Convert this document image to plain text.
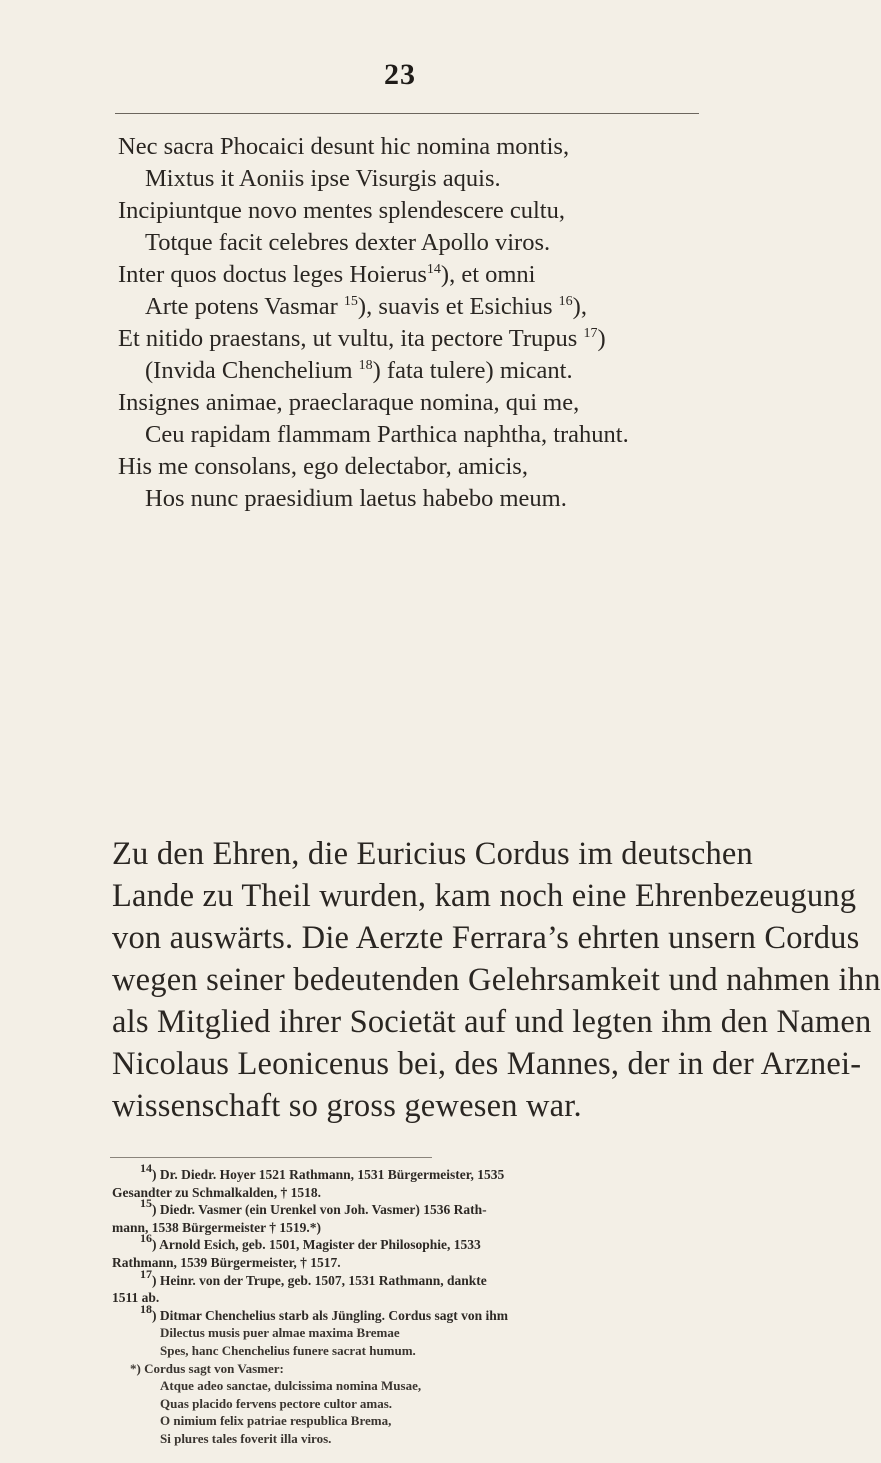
23
Nec sacra Phocaici desunt hic nomina montis,
Mixtus it Aoniis ipse Visurgis aquis.
Incipiuntque novo mentes splendescere cultu,
Totque facit celebres dexter Apollo viros.
Inter quos doctus leges Hoierus$^{14}$), et omni
Arte potens Vasmar $^{15}$), suavis et Esichius $^{16}$),
Et nitido praestans, ut vultu, ita pectore Trupus $^{17}$)
(Invida Chenchelium $^{18}$) fata tulere) micant.
Insignes animae, praeclaraque nomina, qui me,
Ceu rapidam flammam Parthica naphtha, trahunt.
His me consolans, ego delectabor, amicis,
Hos nunc praesidium laetus habebo meum.
Zu den Ehren, die Euricius Cordus im deutschen
Lande zu Theil wurden, kam noch eine Ehrenbezeugung
von auswärts. Die Aerzte Ferrara’s ehrten unsern Cordus
wegen seiner bedeutenden Gelehrsamkeit und nahmen ihn
als Mitglied ihrer Societät auf und legten ihm den Namen
Nicolaus Leonicenus bei, des Mannes, der in der Arznei-
wissenschaft so gross gewesen war.
$^{14}$) Dr. Diedr. Hoyer 1521 Rathmann, 1531 Bürgermeister, 1535
Gesandter zu Schmalkalden, † 1518.
$^{15}$) Diedr. Vasmer (ein Urenkel von Joh. Vasmer) 1536 Rath-
mann, 1538 Bürgermeister † 1519.*)
$^{16}$) Arnold Esich, geb. 1501, Magister der Philosophie, 1533
Rathmann, 1539 Bürgermeister, † 1517.
$^{17}$) Heinr. von der Trupe, geb. 1507, 1531 Rathmann, dankte
1511 ab.
$^{18}$) Ditmar Chenchelius starb als Jüngling. Cordus sagt von ihm
Dilectus musis puer almae maxima Bremae
Spes, hanc Chenchelius funere sacrat humum.
*) Cordus sagt von Vasmer:
Atque adeo sanctae, dulcissima nomina Musae,
Quas placido fervens pectore cultor amas.
O nimium felix patriae respublica Brema,
Si plures tales foverit illa viros.
